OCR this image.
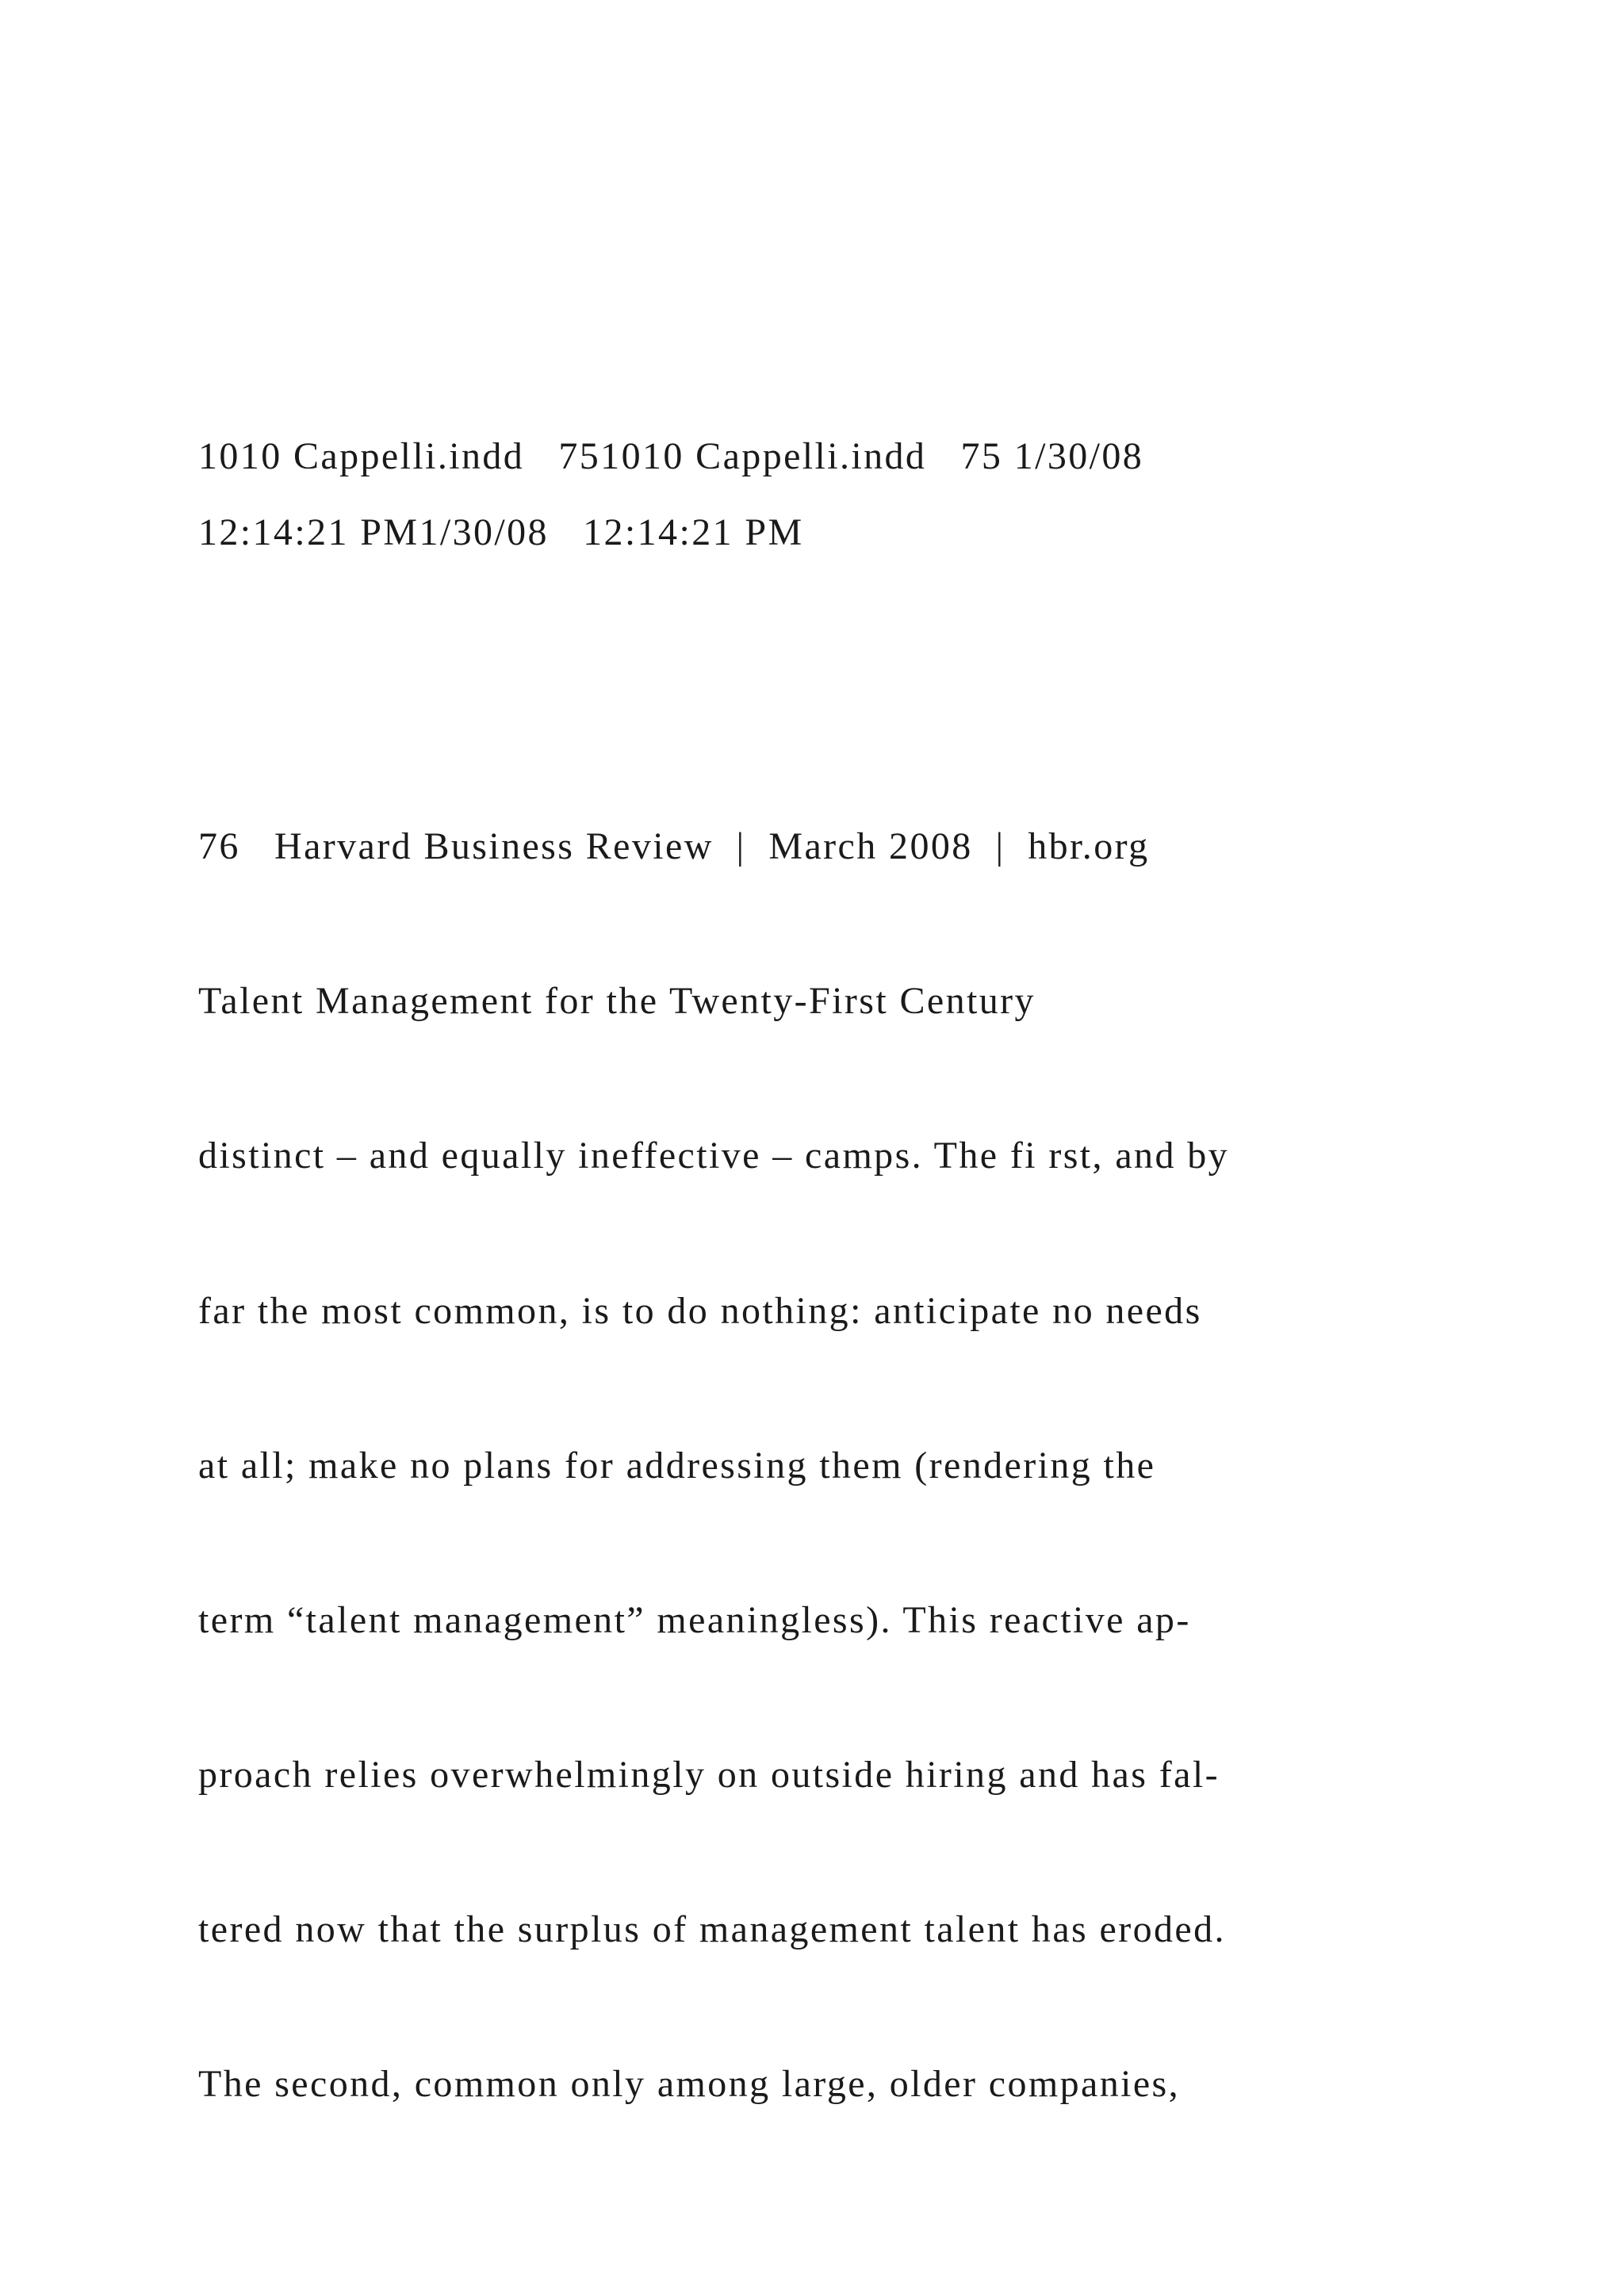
1010 Cappelli.indd   751010 Cappelli.indd   75 1/30/08
12:14:21 PM1/30/08   12:14:21 PM
76   Harvard Business Review  |  March 2008  |  hbr.org
Talent Management for the Twenty-First Century
distinct – and equally ineffective – camps. The fi rst, and by
far the most common, is to do nothing: anticipate no needs
at all; make no plans for addressing them (rendering the
term “talent management” meaningless). This reactive ap-
proach relies overwhelmingly on outside hiring and has fal-
tered now that the surplus of management talent has eroded.
The second, common only among large, older companies,
